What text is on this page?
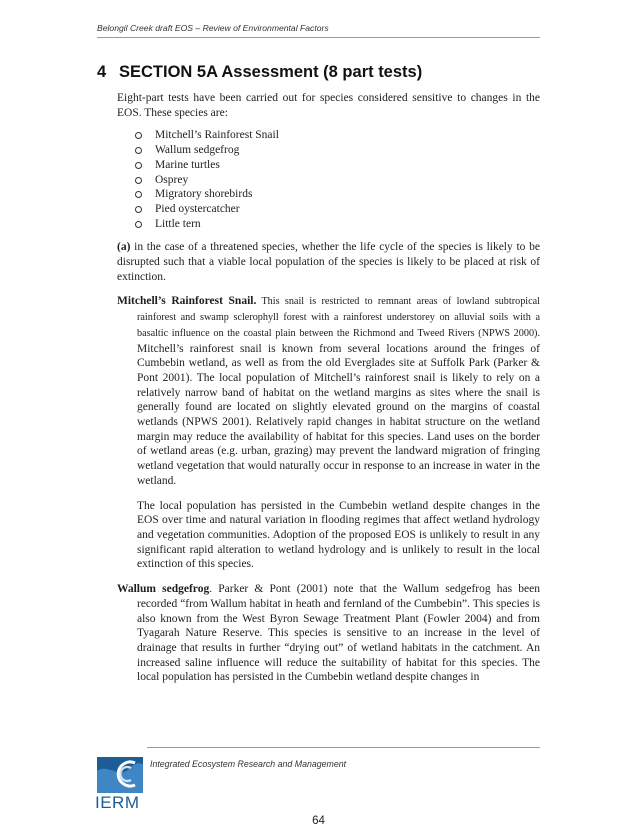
Belongil Creek draft EOS – Review of Environmental Factors
4 SECTION 5A Assessment (8 part tests)

Eight-part tests have been carried out for species considered sensitive to changes in the EOS. These species are:

Mitchell’s Rainforest Snail
Wallum sedgefrog
Marine turtles
Osprey
Migratory shorebirds
Pied oystercatcher
Little tern

(a) in the case of a threatened species, whether the life cycle of the species is likely to be disrupted such that a viable local population of the species is likely to be placed at risk of extinction.

Mitchell’s Rainforest Snail. This snail is restricted to remnant areas of lowland subtropical rainforest and swamp sclerophyll forest with a rainforest understorey on alluvial soils with a basaltic influence on the coastal plain between the Richmond and Tweed Rivers (NPWS 2000). Mitchell’s rainforest snail is known from several locations around the fringes of Cumbebin wetland, as well as from the old Everglades site at Suffolk Park (Parker & Pont 2001). The local population of Mitchell’s rainforest snail is likely to rely on a relatively narrow band of habitat on the wetland margins as sites where the snail is generally found are located on slightly elevated ground on the margins of coastal wetlands (NPWS 2001). Relatively rapid changes in habitat structure on the wetland margin may reduce the availability of habitat for this species. Land uses on the border of wetland areas (e.g. urban, grazing) may prevent the landward migration of fringing wetland vegetation that would naturally occur in response to an increase in water in the wetland.

The local population has persisted in the Cumbebin wetland despite changes in the EOS over time and natural variation in flooding regimes that affect wetland hydrology and vegetation communities. Adoption of the proposed EOS is unlikely to result in any significant rapid alteration to wetland hydrology and is unlikely to result in the local extinction of this species.

Wallum sedgefrog. Parker & Pont (2001) note that the Wallum sedgefrog has been recorded “from Wallum habitat in heath and fernland of the Cumbebin”. This species is also known from the West Byron Sewage Treatment Plant (Fowler 2004) and from Tyagarah Nature Reserve. This species is sensitive to an increase in the level of drainage that results in further “drying out” of wetland habitats in the catchment. An increased saline influence will reduce the suitability of habitat for this species. The local population has persisted in the Cumbebin wetland despite changes in

IERM
Integrated Ecosystem Research and Management
64
